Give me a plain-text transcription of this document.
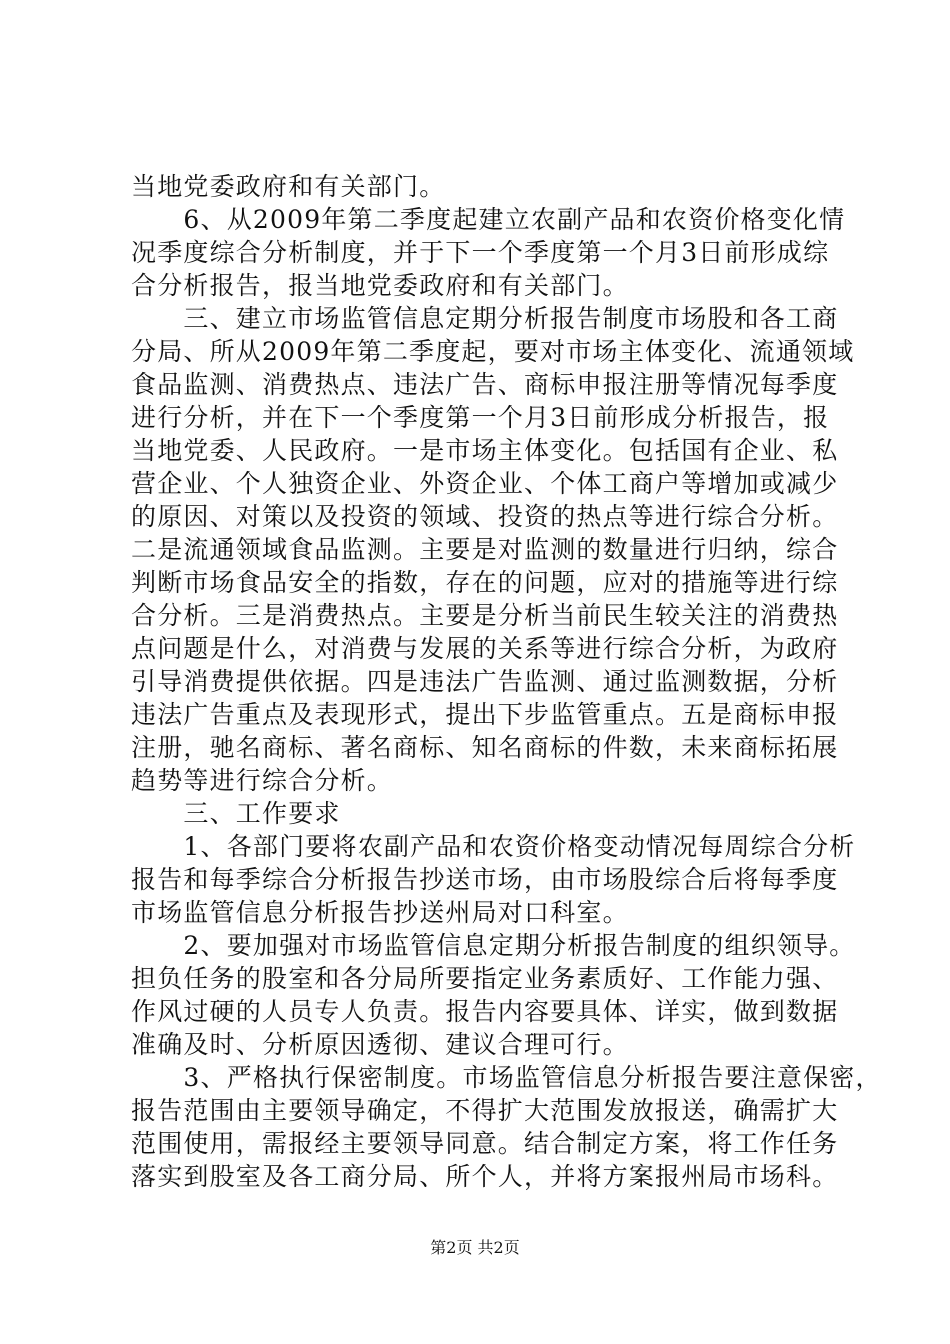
当地党委政府和有关部门。
　　6、从2009年第二季度起建立农副产品和农资价格变化情
况季度综合分析制度，并于下一个季度第一个月3日前形成综
合分析报告，报当地党委政府和有关部门。
　　三、建立市场监管信息定期分析报告制度市场股和各工商
分局、所从2009年第二季度起，要对市场主体变化、流通领域
食品监测、消费热点、违法广告、商标申报注册等情况每季度
进行分析，并在下一个季度第一个月3日前形成分析报告，报
当地党委、人民政府。一是市场主体变化。包括国有企业、私
营企业、个人独资企业、外资企业、个体工商户等增加或减少
的原因、对策以及投资的领域、投资的热点等进行综合分析。
二是流通领域食品监测。主要是对监测的数量进行归纳，综合
判断市场食品安全的指数，存在的问题，应对的措施等进行综
合分析。三是消费热点。主要是分析当前民生较关注的消费热
点问题是什么，对消费与发展的关系等进行综合分析，为政府
引导消费提供依据。四是违法广告监测、通过监测数据，分析
违法广告重点及表现形式，提出下步监管重点。五是商标申报
注册，驰名商标、著名商标、知名商标的件数，未来商标拓展
趋势等进行综合分析。
　　三、工作要求
　　1、各部门要将农副产品和农资价格变动情况每周综合分析
报告和每季综合分析报告抄送市场，由市场股综合后将每季度
市场监管信息分析报告抄送州局对口科室。
　　2、要加强对市场监管信息定期分析报告制度的组织领导。
担负任务的股室和各分局所要指定业务素质好、工作能力强、
作风过硬的人员专人负责。报告内容要具体、详实，做到数据
准确及时、分析原因透彻、建议合理可行。
　　3、严格执行保密制度。市场监管信息分析报告要注意保密，
报告范围由主要领导确定，不得扩大范围发放报送，确需扩大
范围使用，需报经主要领导同意。结合制定方案，将工作任务
落实到股室及各工商分局、所个人，并将方案报州局市场科。
第2页 共2页
